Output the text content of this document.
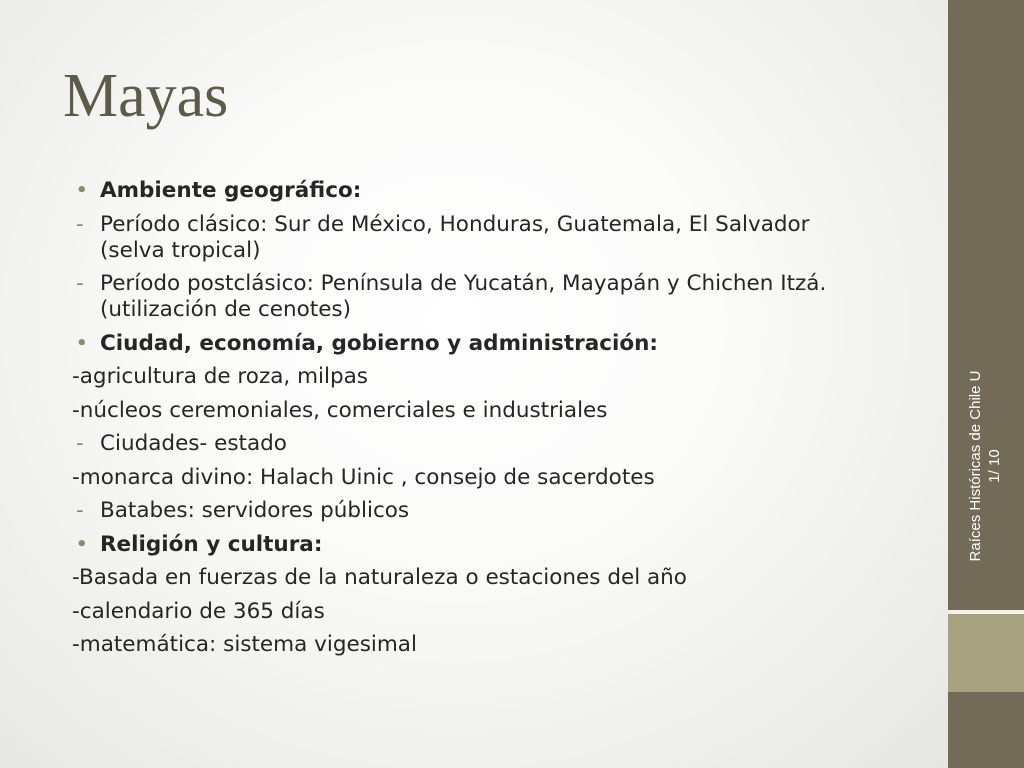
Raíces Históricas de Chile U 1/ 10
Mayas
• Ambiente geográfico:
- Período clásico: Sur de México, Honduras, Guatemala, El Salvador
(selva tropical)
- Período postclásico: Península de Yucatán, Mayapán y Chichen Itzá.
(utilización de cenotes)
• Ciudad, economía, gobierno y administración:
-agricultura de roza, milpas
-núcleos ceremoniales, comerciales e industriales
- Ciudades- estado
-monarca divino: Halach Uinic , consejo de sacerdotes
- Batabes: servidores públicos
• Religión y cultura:
-Basada en fuerzas de la naturaleza o estaciones del año
-calendario de 365 días
-matemática: sistema vigesimal
